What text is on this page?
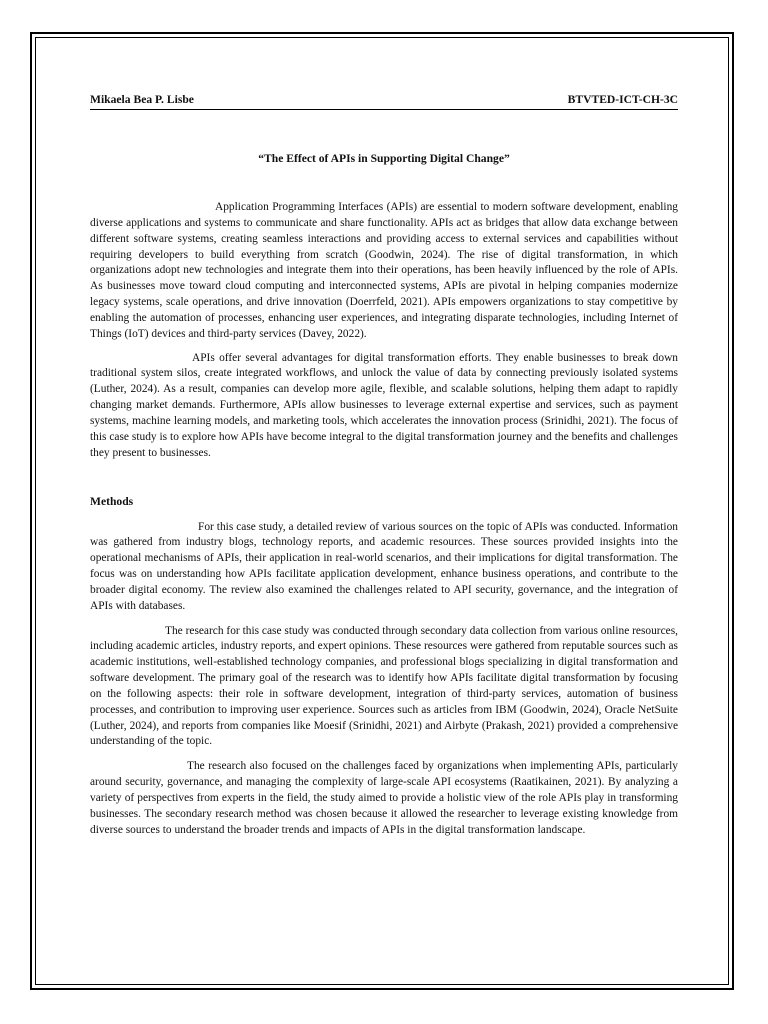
Mikaela Bea P. Lisbe	BTVTED-ICT-CH-3C
“The Effect of APIs in Supporting Digital Change”

Application Programming Interfaces (APIs) are essential to modern software development, enabling diverse applications and systems to communicate and share functionality. APIs act as bridges that allow data exchange between different software systems, creating seamless interactions and providing access to external services and capabilities without requiring developers to build everything from scratch (Goodwin, 2024). The rise of digital transformation, in which organizations adopt new technologies and integrate them into their operations, has been heavily influenced by the role of APIs. As businesses move toward cloud computing and interconnected systems, APIs are pivotal in helping companies modernize legacy systems, scale operations, and drive innovation (Doerrfeld, 2021). APIs empowers organizations to stay competitive by enabling the automation of processes, enhancing user experiences, and integrating disparate technologies, including Internet of Things (IoT) devices and third-party services (Davey, 2022).

APIs offer several advantages for digital transformation efforts. They enable businesses to break down traditional system silos, create integrated workflows, and unlock the value of data by connecting previously isolated systems (Luther, 2024). As a result, companies can develop more agile, flexible, and scalable solutions, helping them adapt to rapidly changing market demands. Furthermore, APIs allow businesses to leverage external expertise and services, such as payment systems, machine learning models, and marketing tools, which accelerates the innovation process (Srinidhi, 2021). The focus of this case study is to explore how APIs have become integral to the digital transformation journey and the benefits and challenges they present to businesses.

Methods

For this case study, a detailed review of various sources on the topic of APIs was conducted. Information was gathered from industry blogs, technology reports, and academic resources. These sources provided insights into the operational mechanisms of APIs, their application in real-world scenarios, and their implications for digital transformation. The focus was on understanding how APIs facilitate application development, enhance business operations, and contribute to the broader digital economy. The review also examined the challenges related to API security, governance, and the integration of APIs with databases.

The research for this case study was conducted through secondary data collection from various online resources, including academic articles, industry reports, and expert opinions. These resources were gathered from reputable sources such as academic institutions, well-established technology companies, and professional blogs specializing in digital transformation and software development. The primary goal of the research was to identify how APIs facilitate digital transformation by focusing on the following aspects: their role in software development, integration of third-party services, automation of business processes, and contribution to improving user experience. Sources such as articles from IBM (Goodwin, 2024), Oracle NetSuite (Luther, 2024), and reports from companies like Moesif (Srinidhi, 2021) and Airbyte (Prakash, 2021) provided a comprehensive understanding of the topic.

The research also focused on the challenges faced by organizations when implementing APIs, particularly around security, governance, and managing the complexity of large-scale API ecosystems (Raatikainen, 2021). By analyzing a variety of perspectives from experts in the field, the study aimed to provide a holistic view of the role APIs play in transforming businesses. The secondary research method was chosen because it allowed the researcher to leverage existing knowledge from diverse sources to understand the broader trends and impacts of APIs in the digital transformation landscape.
